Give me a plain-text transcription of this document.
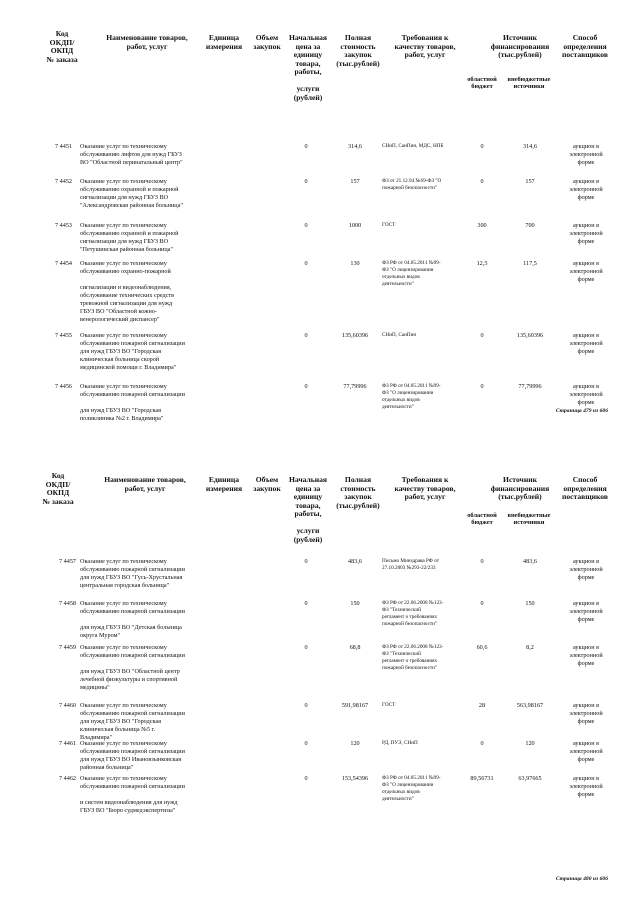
Код
ОКДП/
ОКПД
№ заказа
Наименование товаров,
работ, услуг
Единица
измерения
Объем
закупок
Начальная
цена за
единицу
товара,
работы,

услуги
(рублей)
Полная
стоимость
закупок
(тыс.рублей)
Требования к
качеству товаров,
работ, услуг
Источник
финансирования
(тыс.рублей)
областной
бюджет
внебюджетные
источники
Способ
определения
поставщиков
7 4451 Оказание услуг по техническому
обслуживанию лифтов для нужд ГБУЗ
ВО "Областной перинатальный центр"
0	314,6	СНиП, СанПин, МДС, НПБ	0	314,6	аукцион в
электронной
форме
7 4452 Оказание услуг по техническому
обслуживанию охранной и пожарной
сигнализации для нужд ГБУЗ ВО
"Александровская районная больница"
0	157	ФЗ от 21.12.94 №69-ФЗ "О
пожарной безопасности"
0	157	аукцион в
электронной
форме
7 4453 Оказание услуг по техническому
обслуживанию охранной и пожарной
сигнализации для нужд ГБУЗ ВО
"Петушинская районная больница"
0	1000	ГОСТ	300	700	аукцион в
электронной
форме
7 4454 Оказание услуг по техническому
обслуживанию охранно-пожарной

сигнализации и видеонаблюдения,
обслуживание технических средств
тревожной сигнализации для нужд
ГБУЗ ВО "Областной кожно-
венерологический диспансер"
0	130	ФЗ РФ от 04.05.2011 №99-
ФЗ "О лицензировании
отдельных видов
деятельности"
12,5	117,5	аукцион в
электронной
форме
7 4455 Оказание услуг по техническому
обслуживанию пожарной сигнализации
для нужд ГБУЗ ВО "Городская
клиническая больница скорой
медицинской помощи г. Владимира"
0	135,60396	СНиП, СанПин	0	135,60396	аукцион в
электронной
форме
7 4456 Оказание услуг по техническому
обслуживанию пожарной сигнализации

для нужд ГБУЗ ВО "Городская
поликлиника №2 г. Владимира"
0	77,79996	ФЗ РФ от 04.05.2011 №99-
ФЗ "О лицензировании
отдельных видов
деятельности"
0	77,79996	аукцион в
электронной
форме
Страница 479 из 606
Код
ОКДП/
ОКПД
№ заказа
Наименование товаров,
работ, услуг
Единица
измерения
Объем
закупок
Начальная
цена за
единицу
товара,
работы,

услуги
(рублей)
Полная
стоимость
закупок
(тыс.рублей)
Требования к
качеству товаров,
работ, услуг
Источник
финансирования
(тыс.рублей)
областной
бюджет
внебюджетные
источники
Способ
определения
поставщиков
7 4457 Оказание услуг по техническому
обслуживанию пожарной сигнализации
для нужд ГБУЗ ВО "Гусь-Хрустальная
центральная городская больница"
0	483,6	Письмо Минздрава РФ от
27.10.2003 №293-22/233
0	483,6	аукцион в
электронной
форме
7 4458 Оказание услуг по техническому
обслуживанию пожарной сигнализации

для нужд ГБУЗ ВО "Детская больница
округа Муром"
0	150	ФЗ РФ от 22.06.2008 №123-
ФЗ "Технический
регламент о требованиях
пожарной безопасности"
0	150	аукцион в
электронной
форме
7 4459 Оказание услуг по техническому
обслуживанию пожарной сигнализации

для нужд ГБУЗ ВО "Областной центр
лечебной физкультуры и спортивной
медицины"
0	68,8	ФЗ РФ от 22.06.2008 №123-
ФЗ "Технический
регламент о требованиях
пожарной безопасности"
60,6	8,2	аукцион в
электронной
форме
7 4460 Оказание услуг по техническому
обслуживанию пожарной сигнализации
для нужд ГБУЗ ВО "Городская
клиническая больница №5 г.
Владимира"
0	591,98167	ГОСТ	28	563,98167	аукцион в
электронной
форме
7 4461 Оказание услуг по техническому
обслуживанию пожарной сигнализации
для нужд ГБУЗ ВО Ивановзынковская
районная больница"
0	120	РД, ПУЭ, СНиП	0	120	аукцион в
электронной
форме
7 4462 Оказание услуг по техническому
обслуживанию пожарной сигнализации

и систем видеонаблюдения для нужд
ГБУЗ ВО "Бюро судмедэкспертизы"
0	153,54396	ФЗ РФ от 04.05.2011 №99-
ФЗ "О лицензировании
отдельных видов
деятельности"
89,56731	63,97665	аукцион в
электронной
форме
Страница 480 из 606
